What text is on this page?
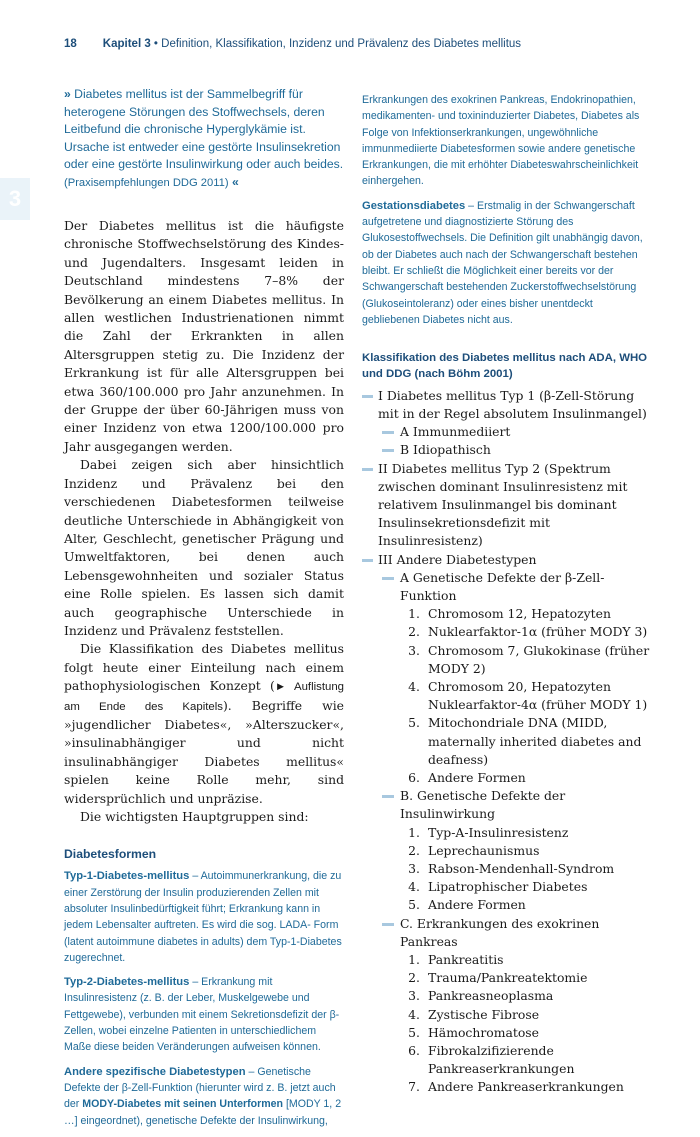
18 Kapitel 3 • Definition, Klassifikation, Inzidenz und Prävalenz des Diabetes mellitus
3

» Diabetes mellitus ist der Sammelbegriff für heterogene Störungen des Stoffwechsels, deren Leitbefund die chronische Hyperglykämie ist. Ursache ist entweder eine gestörte Insulinsekretion oder eine gestörte Insulinwirkung oder auch beides. (Praxisempfehlungen DDG 2011) «

Der Diabetes mellitus ist die häufigste chronische Stoffwechselstörung des Kindes- und Jugendalters. Insgesamt leiden in Deutschland mindestens 7–8% der Bevölkerung an einem Diabetes mellitus. In allen westlichen Industrienationen nimmt die Zahl der Erkrankten in allen Altersgruppen stetig zu. Die Inzidenz der Erkrankung ist für alle Altersgruppen bei etwa 360/100.000 pro Jahr anzunehmen. In der Gruppe der über 60-Jährigen muss von einer Inzidenz von etwa 1200/100.000 pro Jahr ausgegangen werden.

Dabei zeigen sich aber hinsichtlich Inzidenz und Prävalenz bei den verschiedenen Diabetesformen teilweise deutliche Unterschiede in Abhängigkeit von Alter, Geschlecht, genetischer Prägung und Umweltfaktoren, bei denen auch Lebensgewohnheiten und sozialer Status eine Rolle spielen. Es lassen sich damit auch geographische Unterschiede in Inzidenz und Prävalenz feststellen.

Die Klassifikation des Diabetes mellitus folgt heute einer Einteilung nach einem pathophysiologischen Konzept (► Auflistung am Ende des Kapitels). Begriffe wie »jugendlicher Diabetes«, »Alterszucker«, »insulinabhängiger und nicht insulinabhängiger Diabetes mellitus« spielen keine Rolle mehr, sind widersprüchlich und unpräzise.

Die wichtigsten Hauptgruppen sind:

Diabetesformen

Typ-1-Diabetes-mellitus – Autoimmunerkrankung, die zu einer Zerstörung der Insulin produzierenden Zellen mit absoluter Insulinbedürftigkeit führt; Erkrankung kann in jedem Lebensalter auftreten. Es wird die sog. LADA- Form (latent autoimmune diabetes in adults) dem Typ-1-Diabetes zugerechnet.

Typ-2-Diabetes-mellitus – Erkrankung mit Insulinresistenz (z. B. der Leber, Muskelgewebe und Fettgewebe), verbunden mit einem Sekretionsdefizit der β-Zellen, wobei einzelne Patienten in unterschiedlichem Maße diese beiden Veränderungen aufweisen können.

Andere spezifische Diabetestypen – Genetische Defekte der β-Zell-Funktion (hierunter wird z. B. jetzt auch der MODY-Diabetes mit seinen Unterformen [MODY 1, 2 …] eingeordnet), genetische Defekte der Insulinwirkung,

Erkrankungen des exokrinen Pankreas, Endokrinopathien, medikamenten- und toxininduzierter Diabetes, Diabetes als Folge von Infektionserkrankungen, ungewöhnliche immunmediierte Diabetesformen sowie andere genetische Erkrankungen, die mit erhöhter Diabeteswahrscheinlichkeit einhergehen.

Gestationsdiabetes – Erstmalig in der Schwangerschaft aufgetretene und diagnostizierte Störung des Glukosestoffwechsels. Die Definition gilt unabhängig davon, ob der Diabetes auch nach der Schwangerschaft bestehen bleibt. Er schließt die Möglichkeit einer bereits vor der Schwangerschaft bestehenden Zuckerstoffwechselstörung (Glukoseintoleranz) oder eines bisher unentdeckt gebliebenen Diabetes nicht aus.

Klassifikation des Diabetes mellitus nach ADA, WHO und DDG (nach Böhm 2001)

I Diabetes mellitus Typ 1 (β-Zell-Störung mit in der Regel absolutem Insulinmangel)
A Immunmediiert
B Idiopathisch
II Diabetes mellitus Typ 2 (Spektrum zwischen dominant Insulinresistenz mit relativem Insulinmangel bis dominant Insulinsekretionsdefizit mit Insulinresistenz)
III Andere Diabetestypen
A Genetische Defekte der β-Zell-Funktion
1. Chromosom 12, Hepatozyten
2. Nuklearfaktor-1α (früher MODY 3)
3. Chromosom 7, Glukokinase (früher MODY 2)
4. Chromosom 20, Hepatozyten Nuklearfaktor-4α (früher MODY 1)
5. Mitochondriale DNA (MIDD, maternally inherited diabetes and deafness)
6. Andere Formen
B. Genetische Defekte der Insulinwirkung
1. Typ-A-Insulinresistenz
2. Leprechaunismus
3. Rabson-Mendenhall-Syndrom
4. Lipatrophischer Diabetes
5. Andere Formen
C. Erkrankungen des exokrinen Pankreas
1. Pankreatitis
2. Trauma/Pankreatektomie
3. Pankreasneoplasma
4. Zystische Fibrose
5. Hämochromatose
6. Fibrokalzifizierende Pankreaserkrankungen
7. Andere Pankreaserkrankungen
